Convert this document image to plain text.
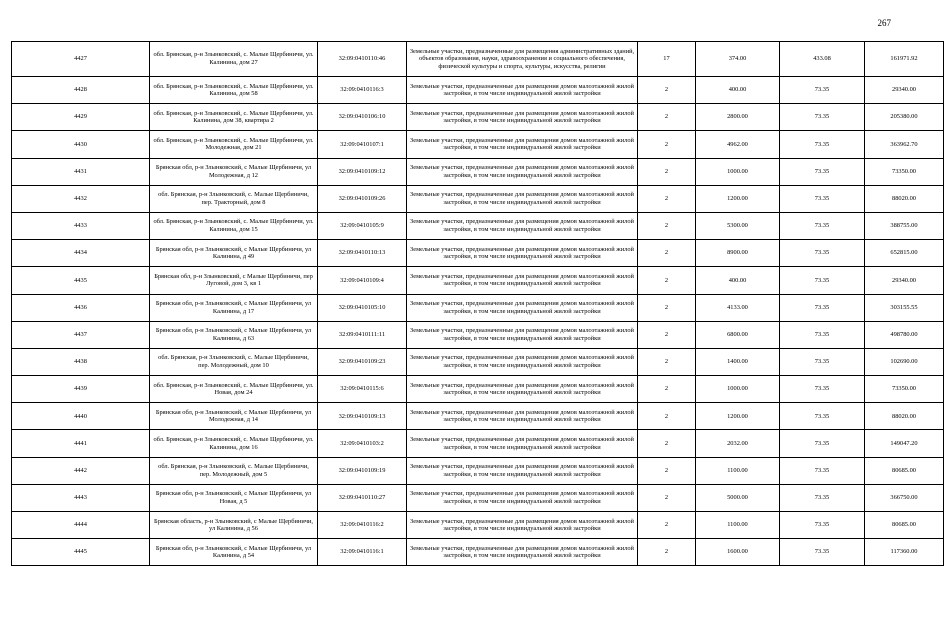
267
4427	обл. Брянская, р-н Злынковский, с. Малые Щербиничи, ул. Калинина, дом 27	32:09:0410110:46	Земельные участки, предназначенные для размещения административных зданий, объектов образования, науки, здравоохранения и социального обеспечения, физической культуры и спорта, культуры, искусства, религии	17	374.00	433.08	161971.92
4428	обл. Брянская, р-н Злынковский, с. Малые Щербиничи, ул. Калинина, дом 58	32:09:0410116:3	Земельные участки, предназначенные для размещения домов малоэтажной жилой застройки, в том числе индивидуальной жилой застройки	2	400.00	73.35	29340.00
4429	обл. Брянская, р-н Злынковский, с. Малые Щербиничи, ул. Калинина, дом 38, квартира 2	32:09:0410106:10	Земельные участки, предназначенные для размещения домов малоэтажной жилой застройки, в том числе индивидуальной жилой застройки	2	2800.00	73.35	205380.00
4430	обл. Брянская, р-н Злынковский, с. Малые Щербиничи, ул. Молодежная, дом 21	32:09:0410107:1	Земельные участки, предназначенные для размещения домов малоэтажной жилой застройки, в том числе индивидуальной жилой застройки	2	4962.00	73.35	363962.70
4431	Брянская обл, р-н Злынковский, с Малые Щербиничи, ул Молодежная, д 12	32:09:0410109:12	Земельные участки, предназначенные для размещения домов малоэтажной жилой застройки, в том числе индивидуальной жилой застройки	2	1000.00	73.35	73350.00
4432	обл. Брянская, р-н Злынковский, с. Малые Щербиничи, пер. Тракторный, дом 8	32:09:0410109:26	Земельные участки, предназначенные для размещения домов малоэтажной жилой застройки, в том числе индивидуальной жилой застройки	2	1200.00	73.35	88020.00
4433	обл. Брянская, р-н Злынковский, с. Малые Щербиничи, ул. Калинина, дом 15	32:09:0410105:9	Земельные участки, предназначенные для размещения домов малоэтажной жилой застройки, в том числе индивидуальной жилой застройки	2	5300.00	73.35	388755.00
4434	Брянская обл, р-н Злынковский, с Малые Щербиничи, ул Калинина, д 49	32:09:0410110:13	Земельные участки, предназначенные для размещения домов малоэтажной жилой застройки, в том числе индивидуальной жилой застройки	2	8900.00	73.35	652815.00
4435	Брянская обл, р-н Злынковский, с Малые Щербиничи, пер Луговой, дом 3, кв 1	32:09:0410109:4	Земельные участки, предназначенные для размещения домов малоэтажной жилой застройки, в том числе индивидуальной жилой застройки	2	400.00	73.35	29340.00
4436	Брянская обл, р-н Злынковский, с Малые Щербиничи, ул Калинина, д 17	32:09:0410105:10	Земельные участки, предназначенные для размещения домов малоэтажной жилой застройки, в том числе индивидуальной жилой застройки	2	4133.00	73.35	303155.55
4437	Брянская обл, р-н Злынковский, с Малые Щербиничи, ул Калинина, д 63	32:09:0410111:11	Земельные участки, предназначенные для размещения домов малоэтажной жилой застройки, в том числе индивидуальной жилой застройки	2	6800.00	73.35	498780.00
4438	обл. Брянская, р-н Злынковский, с. Малые Щербиничи, пер. Молодежный, дом 10	32:09:0410109:23	Земельные участки, предназначенные для размещения домов малоэтажной жилой застройки, в том числе индивидуальной жилой застройки	2	1400.00	73.35	102690.00
4439	обл. Брянская, р-н Злынковский, с. Малые Щербиничи, ул. Новая, дом 24	32:09:0410115:6	Земельные участки, предназначенные для размещения домов малоэтажной жилой застройки, в том числе индивидуальной жилой застройки	2	1000.00	73.35	73350.00
4440	Брянская обл, р-н Злынковский, с Малые Щербиничи, ул Молодежная, д 14	32:09:0410109:13	Земельные участки, предназначенные для размещения домов малоэтажной жилой застройки, в том числе индивидуальной жилой застройки	2	1200.00	73.35	88020.00
4441	обл. Брянская, р-н Злынковский, с. Малые Щербиничи, ул. Калинина, дом 16	32:09:0410103:2	Земельные участки, предназначенные для размещения домов малоэтажной жилой застройки, в том числе индивидуальной жилой застройки	2	2032.00	73.35	149047.20
4442	обл. Брянская, р-н Злынковский, с. Малые Щербиничи, пер. Молодежный, дом 5	32:09:0410109:19	Земельные участки, предназначенные для размещения домов малоэтажной жилой застройки, в том числе индивидуальной жилой застройки	2	1100.00	73.35	80685.00
4443	Брянская обл, р-н Злынковский, с Малые Щербиничи, ул Новая, д 5	32:09:0410110:27	Земельные участки, предназначенные для размещения домов малоэтажной жилой застройки, в том числе индивидуальной жилой застройки	2	5000.00	73.35	366750.00
4444	Брянская область, р-н Злынковский, с Малые Щербиничи, ул Калинина, д 56	32:09:0410116:2	Земельные участки, предназначенные для размещения домов малоэтажной жилой застройки, в том числе индивидуальной жилой застройки	2	1100.00	73.35	80685.00
4445	Брянская обл, р-н Злынковский, с Малые Щербиничи, ул Калинина, д 54	32:09:0410116:1	Земельные участки, предназначенные для размещения домов малоэтажной жилой застройки, в том числе индивидуальной жилой застройки	2	1600.00	73.35	117360.00
